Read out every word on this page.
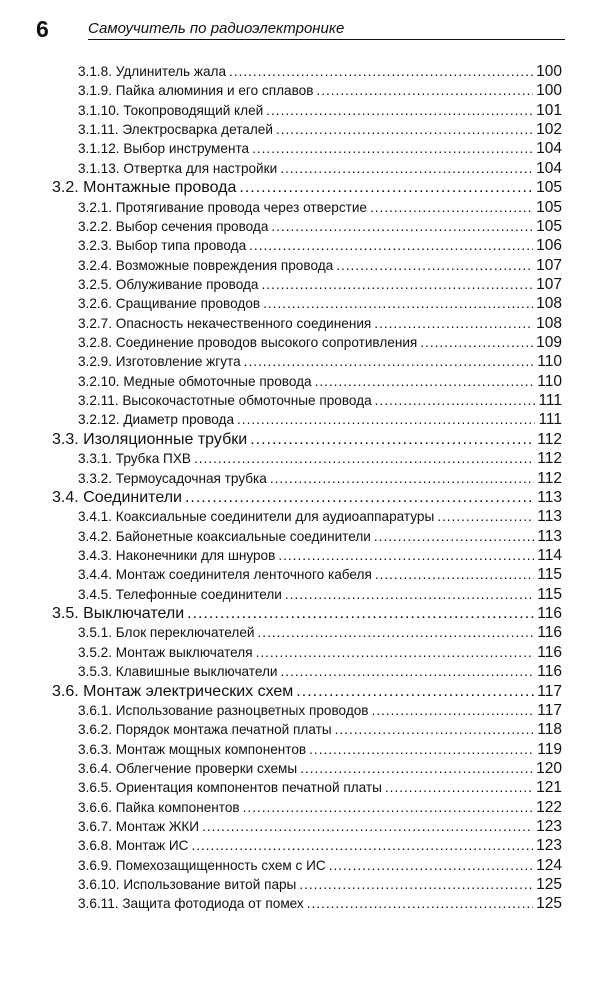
6	Самоучитель по радиоэлектронике
3.1.8. Удлинитель жала .....	100
3.1.9. Пайка алюминия и его сплавов .....	100
3.1.10. Токопроводящий клей .....	101
3.1.11. Электросварка деталей .....	102
3.1.12. Выбор инструмента .....	104
3.1.13. Отвертка для настройки .....	104
3.2. Монтажные провода .....	105
3.2.1. Протягивание провода через отверстие .....	105
3.2.2. Выбор сечения провода .....	105
3.2.3. Выбор типа провода .....	106
3.2.4. Возможные повреждения провода .....	107
3.2.5. Облуживание провода .....	107
3.2.6. Сращивание проводов .....	108
3.2.7. Опасность некачественного соединения .....	108
3.2.8. Соединение проводов высокого сопротивления .....	109
3.2.9. Изготовление жгута .....	110
3.2.10. Медные обмоточные провода .....	110
3.2.11. Высокочастотные обмоточные провода .....	111
3.2.12. Диаметр провода .....	111
3.3. Изоляционные трубки .....	112
3.3.1. Трубка ПХВ .....	112
3.3.2. Термоусадочная трубка .....	112
3.4. Соединители .....	113
3.4.1. Коаксиальные соединители для аудиоаппаратуры .....	113
3.4.2. Байонетные коаксиальные соединители .....	113
3.4.3. Наконечники для шнуров .....	114
3.4.4. Монтаж соединителя ленточного кабеля .....	115
3.4.5. Телефонные соединители .....	115
3.5. Выключатели .....	116
3.5.1. Блок переключателей .....	116
3.5.2. Монтаж выключателя .....	116
3.5.3. Клавишные выключатели .....	116
3.6. Монтаж электрических схем .....	117
3.6.1. Использование разноцветных проводов .....	117
3.6.2. Порядок монтажа печатной платы .....	118
3.6.3. Монтаж мощных компонентов .....	119
3.6.4. Облегчение проверки схемы .....	120
3.6.5. Ориентация компонентов печатной платы .....	121
3.6.6. Пайка компонентов .....	122
3.6.7. Монтаж ЖКИ .....	123
3.6.8. Монтаж ИС .....	123
3.6.9. Помехозащищенность схем с ИС .....	124
3.6.10. Использование витой пары .....	125
3.6.11. Защита фотодиода от помех .....	125
